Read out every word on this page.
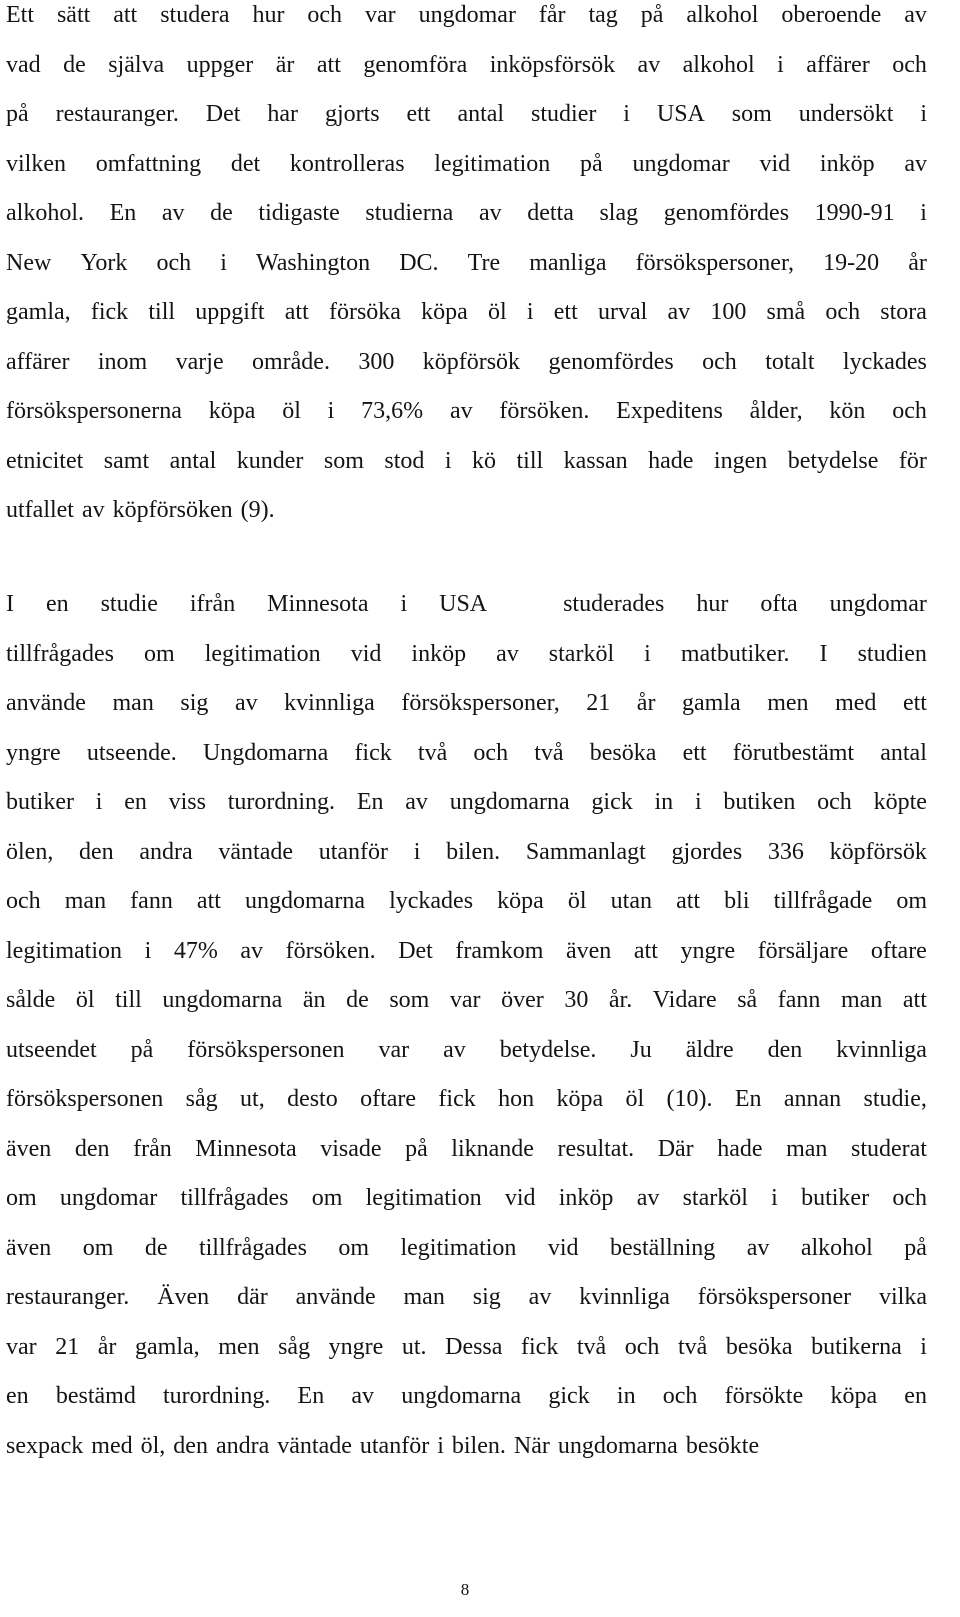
Ett sätt att studera hur och var ungdomar får tag på alkohol oberoende av
vad de själva uppger är att genomföra inköpsförsök av alkohol i affärer och
på restauranger. Det har gjorts ett antal studier i USA som undersökt i
vilken omfattning det kontrolleras legitimation på ungdomar vid inköp av
alkohol. En av de tidigaste studierna av detta slag genomfördes 1990-91 i
New York och i Washington DC. Tre manliga försökspersoner, 19-20 år
gamla, fick till uppgift att försöka köpa öl i ett urval av 100 små och stora
affärer inom varje område. 300 köpförsök genomfördes och totalt lyckades
försökspersonerna köpa öl i 73,6% av försöken. Expeditens ålder, kön och
etnicitet samt antal kunder som stod i kö till kassan hade ingen betydelse för
utfallet av köpförsöken (9).
I en studie ifrån Minnesota i USA	studerades hur ofta ungdomar
tillfrågades om legitimation vid inköp av starköl i matbutiker. I studien
använde man sig av kvinnliga försökspersoner, 21 år gamla men med ett
yngre utseende. Ungdomarna fick två och två besöka ett förutbestämt antal
butiker i en viss turordning. En av ungdomarna gick in i butiken och köpte
ölen, den andra väntade utanför i bilen. Sammanlagt gjordes 336 köpförsök
och man fann att ungdomarna lyckades köpa öl utan att bli tillfrågade om
legitimation i 47% av försöken. Det framkom även att yngre försäljare oftare
sålde öl till ungdomarna än de som var över 30 år. Vidare så fann man att
utseendet på försökspersonen var av betydelse. Ju äldre den kvinnliga
försökspersonen såg ut, desto oftare fick hon köpa öl (10). En annan studie,
även den från Minnesota visade på liknande resultat. Där hade man studerat
om ungdomar tillfrågades om legitimation vid inköp av starköl i butiker och
även om de tillfrågades om legitimation vid beställning av alkohol på
restauranger. Även där använde man sig av kvinnliga försökspersoner vilka
var 21 år gamla, men såg yngre ut. Dessa fick två och två besöka butikerna i
en bestämd turordning. En av ungdomarna gick in och försökte köpa en
sexpack med öl, den andra väntade utanför i bilen. När ungdomarna besökte
8
